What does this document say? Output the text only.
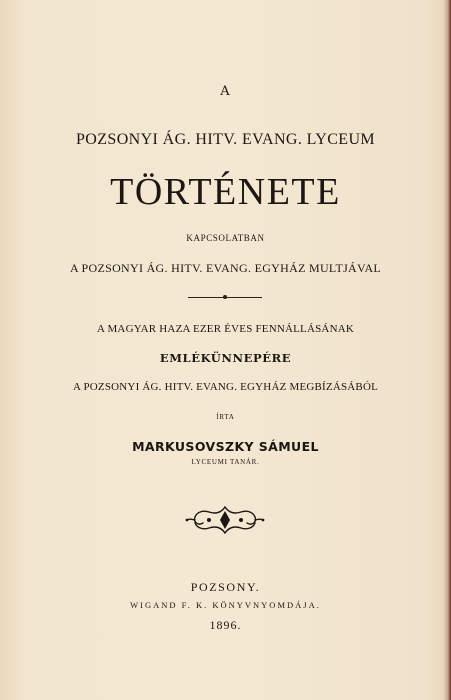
A
POZSONYI ÁG. HITV. EVANG. LYCEUM
TÖRTÉNETE
KAPCSOLATBAN
A POZSONYI ÁG. HITV. EVANG. EGYHÁZ MULTJÁVAL
A MAGYAR HAZA EZER ÉVES FENNÁLLÁSÁNAK
EMLÉKÜNNEPÉRE
A POZSONYI ÁG. HITV. EVANG. EGYHÁZ MEGBÍZÁSÁBÓL
ÍRTA
MARKUSOVSZKY SÁMUEL
LYCEUMI TANÁR.
POZSONY.
WIGAND F. K. KÖNYVNYOMDÁJA.
1896.
